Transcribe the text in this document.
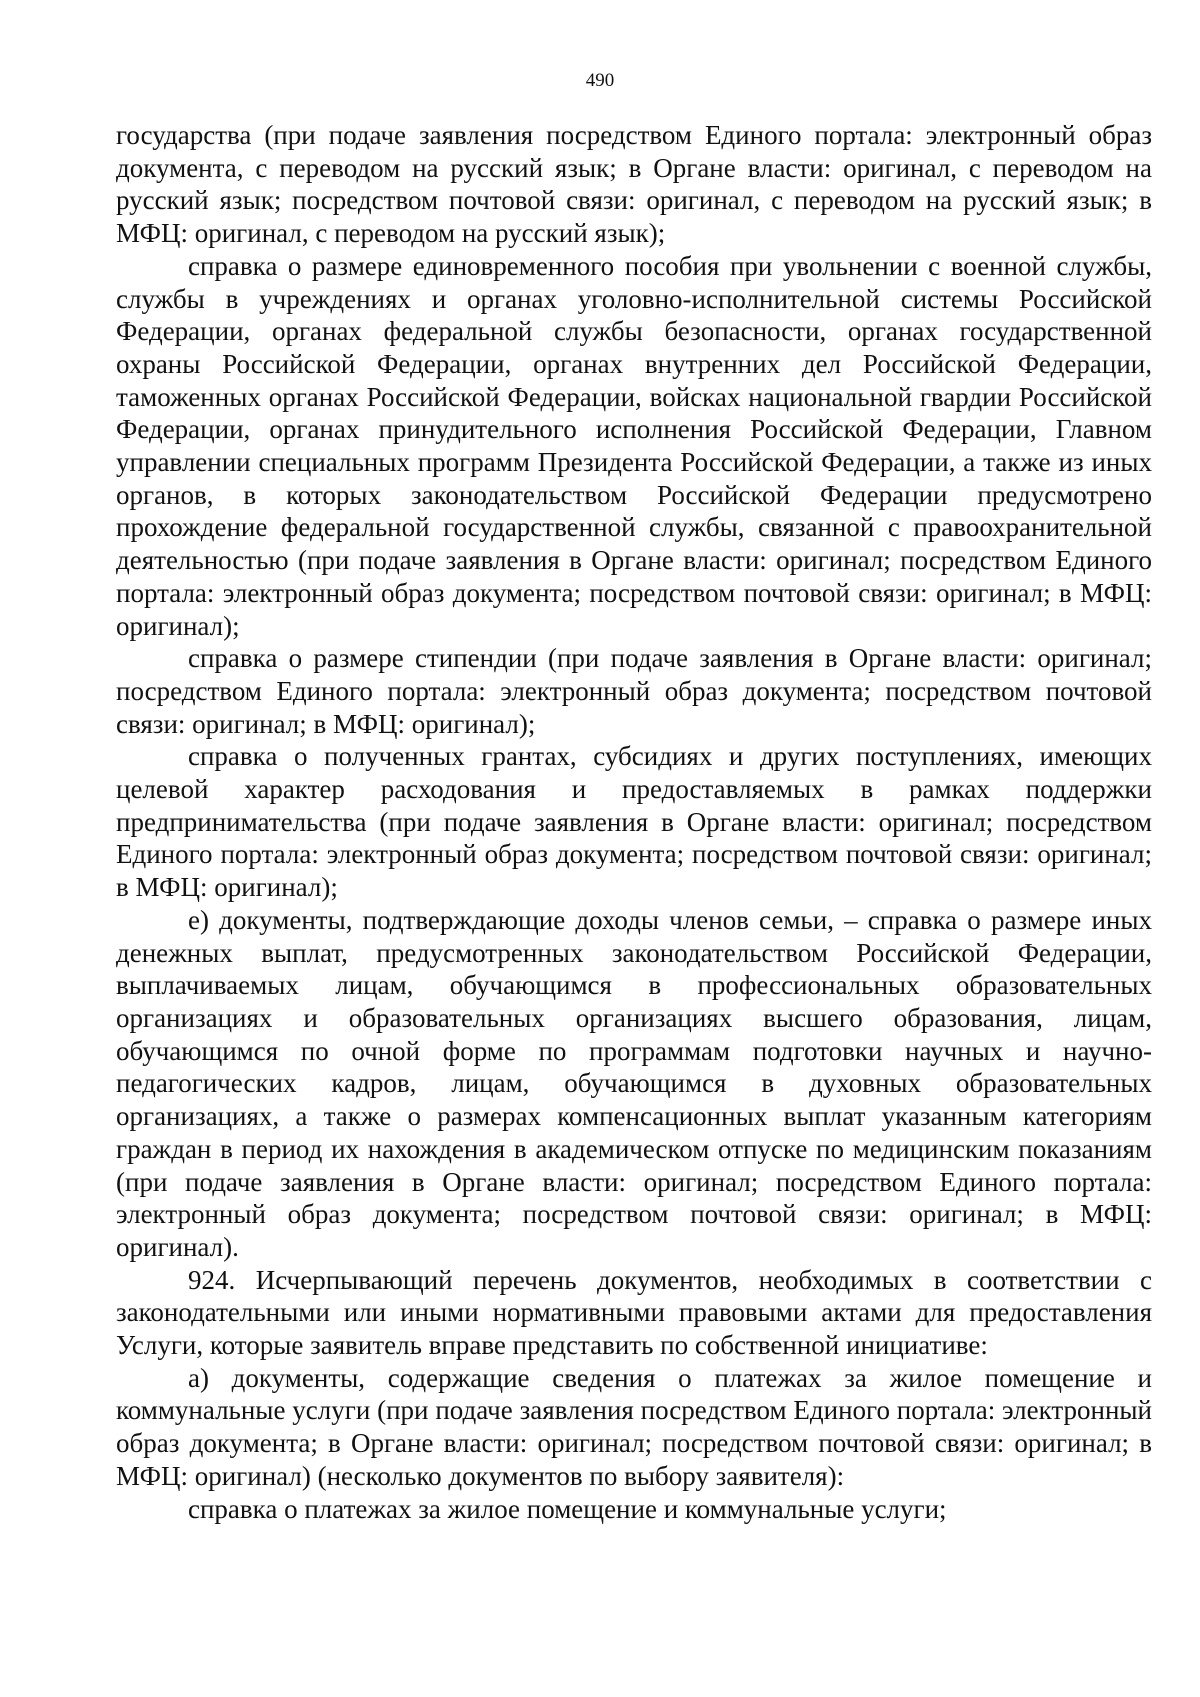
490

государства (при подаче заявления посредством Единого портала: электронный образ документа, с переводом на русский язык; в Органе власти: оригинал, с переводом на русский язык; посредством почтовой связи: оригинал, с переводом на русский язык; в МФЦ: оригинал, с переводом на русский язык);

справка о размере единовременного пособия при увольнении с военной службы, службы в учреждениях и органах уголовно-исполнительной системы Российской Федерации, органах федеральной службы безопасности, органах государственной охраны Российской Федерации, органах внутренних дел Российской Федерации, таможенных органах Российской Федерации, войсках национальной гвардии Российской Федерации, органах принудительного исполнения Российской Федерации, Главном управлении специальных программ Президента Российской Федерации, а также из иных органов, в которых законодательством Российской Федерации предусмотрено прохождение федеральной государственной службы, связанной с правоохранительной деятельностью (при подаче заявления в Органе власти: оригинал; посредством Единого портала: электронный образ документа; посредством почтовой связи: оригинал; в МФЦ: оригинал);

справка о размере стипендии (при подаче заявления в Органе власти: оригинал; посредством Единого портала: электронный образ документа; посредством почтовой связи: оригинал; в МФЦ: оригинал);

справка о полученных грантах, субсидиях и других поступлениях, имеющих целевой характер расходования и предоставляемых в рамках поддержки предпринимательства (при подаче заявления в Органе власти: оригинал; посредством Единого портала: электронный образ документа; посредством почтовой связи: оригинал; в МФЦ: оригинал);

е) документы, подтверждающие доходы членов семьи, – справка о размере иных денежных выплат, предусмотренных законодательством Российской Федерации, выплачиваемых лицам, обучающимся в профессиональных образовательных организациях и образовательных организациях высшего образования, лицам, обучающимся по очной форме по программам подготовки научных и научно-педагогических кадров, лицам, обучающимся в духовных образовательных организациях, а также о размерах компенсационных выплат указанным категориям граждан в период их нахождения в академическом отпуске по медицинским показаниям (при подаче заявления в Органе власти: оригинал; посредством Единого портала: электронный образ документа; посредством почтовой связи: оригинал; в МФЦ: оригинал).

924. Исчерпывающий перечень документов, необходимых в соответствии с законодательными или иными нормативными правовыми актами для предоставления Услуги, которые заявитель вправе представить по собственной инициативе:

а) документы, содержащие сведения о платежах за жилое помещение и коммунальные услуги (при подаче заявления посредством Единого портала: электронный образ документа; в Органе власти: оригинал; посредством почтовой связи: оригинал; в МФЦ: оригинал) (несколько документов по выбору заявителя):

справка о платежах за жилое помещение и коммунальные услуги;
